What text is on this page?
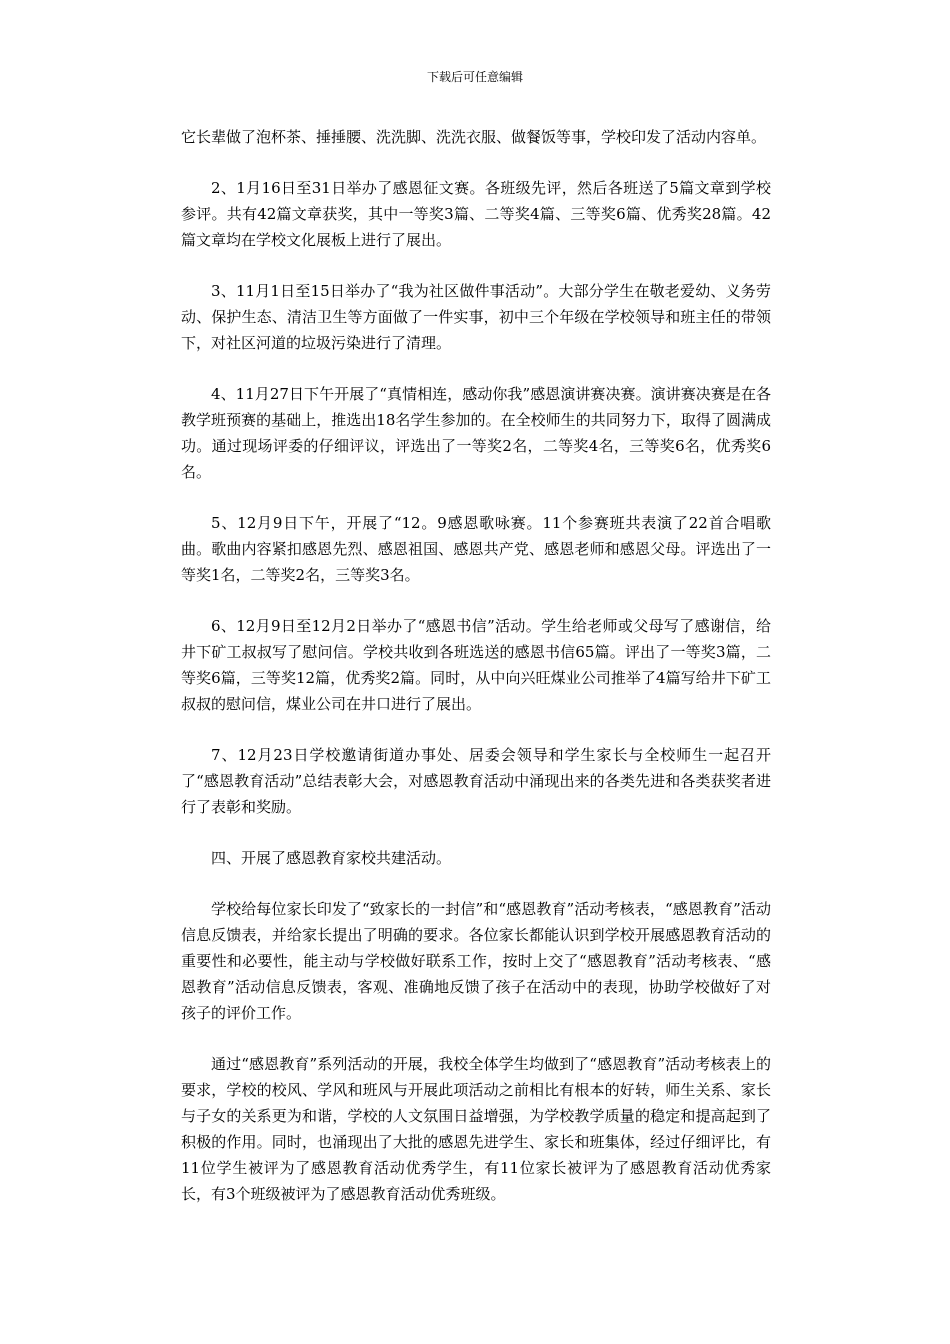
下载后可任意编辑

它长辈做了泡杯茶、捶捶腰、洗洗脚、洗洗衣服、做餐饭等事，学校印发了活动内容单。

2、1月16日至31日举办了感恩征文赛。各班级先评，然后各班送了5篇文章到学校参评。共有42篇文章获奖，其中一等奖3篇、二等奖4篇、三等奖6篇、优秀奖28篇。42篇文章均在学校文化展板上进行了展出。

3、11月1日至15日举办了“我为社区做件事活动”。大部分学生在敬老爱幼、义务劳动、保护生态、清洁卫生等方面做了一件实事，初中三个年级在学校领导和班主任的带领下，对社区河道的垃圾污染进行了清理。

4、11月27日下午开展了“真情相连，感动你我”感恩演讲赛决赛。演讲赛决赛是在各教学班预赛的基础上，推选出18名学生参加的。在全校师生的共同努力下，取得了圆满成功。通过现场评委的仔细评议，评选出了一等奖2名，二等奖4名，三等奖6名，优秀奖6名。

5、12月9日下午，开展了“12。9感恩歌咏赛。11个参赛班共表演了22首合唱歌曲。歌曲内容紧扣感恩先烈、感恩祖国、感恩共产党、感恩老师和感恩父母。评选出了一等奖1名，二等奖2名，三等奖3名。

6、12月9日至12月2日举办了“感恩书信”活动。学生给老师或父母写了感谢信，给井下矿工叔叔写了慰问信。学校共收到各班选送的感恩书信65篇。评出了一等奖3篇，二等奖6篇，三等奖12篇，优秀奖2篇。同时，从中向兴旺煤业公司推举了4篇写给井下矿工叔叔的慰问信，煤业公司在井口进行了展出。

7、12月23日学校邀请街道办事处、居委会领导和学生家长与全校师生一起召开了“感恩教育活动”总结表彰大会，对感恩教育活动中涌现出来的各类先进和各类获奖者进行了表彰和奖励。

四、开展了感恩教育家校共建活动。

学校给每位家长印发了“致家长的一封信”和“感恩教育”活动考核表，“感恩教育”活动信息反馈表，并给家长提出了明确的要求。各位家长都能认识到学校开展感恩教育活动的重要性和必要性，能主动与学校做好联系工作，按时上交了“感恩教育”活动考核表、“感恩教育”活动信息反馈表，客观、准确地反馈了孩子在活动中的表现，协助学校做好了对孩子的评价工作。

通过“感恩教育”系列活动的开展，我校全体学生均做到了“感恩教育”活动考核表上的要求，学校的校风、学风和班风与开展此项活动之前相比有根本的好转，师生关系、家长与子女的关系更为和谐，学校的人文氛围日益增强，为学校教学质量的稳定和提高起到了积极的作用。同时，也涌现出了大批的感恩先进学生、家长和班集体，经过仔细评比，有11位学生被评为了感恩教育活动优秀学生，有11位家长被评为了感恩教育活动优秀家长，有3个班级被评为了感恩教育活动优秀班级。
